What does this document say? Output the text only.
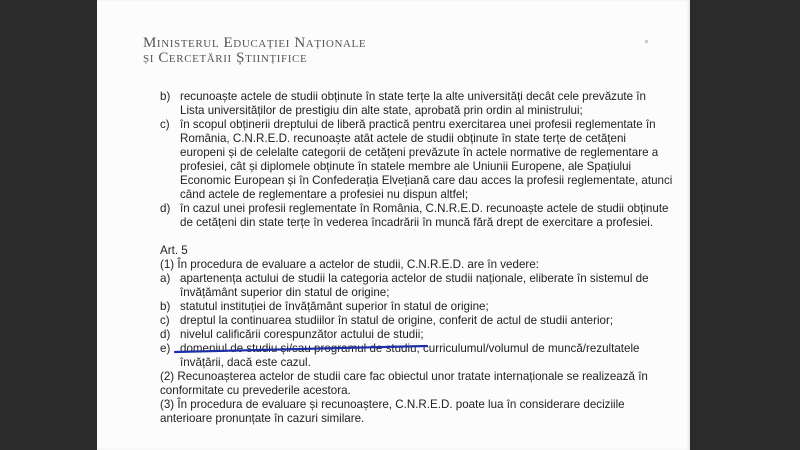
Ministerul Educației Naționale
și Cercetării Științifice
b) recunoaște actele de studii obținute în state terțe la alte universități decât cele prevăzute în
Lista universităților de prestigiu din alte state, aprobată prin ordin al ministrului;
c) în scopul obținerii dreptului de liberă practică pentru exercitarea unei profesii reglementate în
România, C.N.R.E.D. recunoaște atât actele de studii obținute în state terțe de cetățeni
europeni și de celelalte categorii de cetățeni prevăzute în actele normative de reglementare a
profesiei, cât și diplomele obținute în statele membre ale Uniunii Europene, ale Spațiului
Economic European și în Confederația Elvețiană care dau acces la profesii reglementate, atunci
când actele de reglementare a profesiei nu dispun altfel;
d) în cazul unei profesii reglementate în România, C.N.R.E.D. recunoaște actele de studii obținute
de cetățeni din state terțe în vederea încadrării în muncă fără drept de exercitare a profesiei.
Art. 5
(1) În procedura de evaluare a actelor de studii, C.N.R.E.D. are în vedere:
a) apartenența actului de studii la categoria actelor de studii naționale, eliberate în sistemul de
învățământ superior din statul de origine;
b) statutul instituției de învățământ superior în statul de origine;
c) dreptul la continuarea studiilor în statul de origine, conferit de actul de studii anterior;
d) nivelul calificării corespunzător actului de studii;
e) domeniul de studiu și/sau programul de studiu, curriculumul/volumul de muncă/rezultatele
învățării, dacă este cazul.
(2) Recunoașterea actelor de studii care fac obiectul unor tratate internaționale se realizează în
conformitate cu prevederile acestora.
(3) În procedura de evaluare și recunoaștere, C.N.R.E.D. poate lua în considerare deciziile
anterioare pronunțate în cazuri similare.
